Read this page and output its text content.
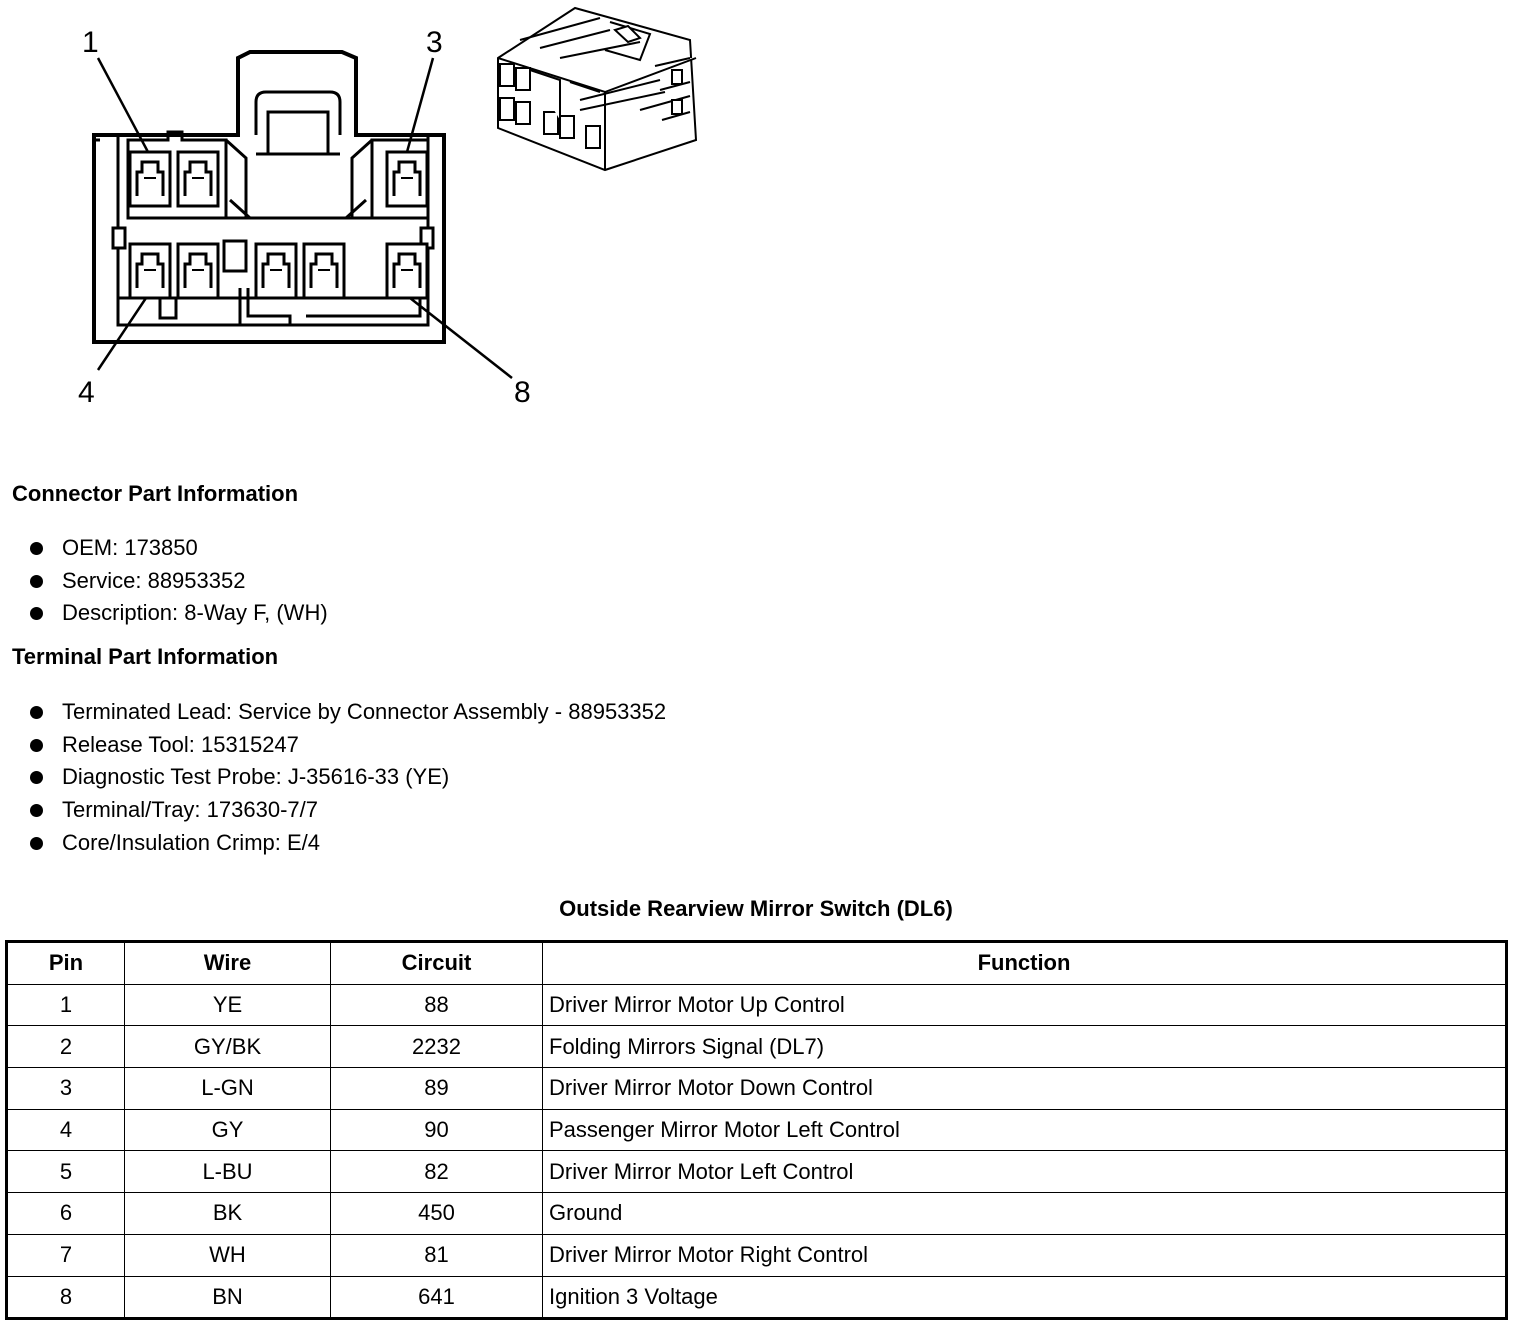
1	3
4	8
Connector Part Information
OEM: 173850
Service: 88953352
Description: 8-Way F, (WH)
Terminal Part Information
Terminated Lead: Service by Connector Assembly - 88953352
Release Tool: 15315247
Diagnostic Test Probe: J-35616-33 (YE)
Terminal/Tray: 173630-7/7
Core/Insulation Crimp: E/4
Outside Rearview Mirror Switch (DL6)
Pin	Wire	Circuit	Function
1	YE	88	Driver Mirror Motor Up Control
2	GY/BK	2232	Folding Mirrors Signal (DL7)
3	L-GN	89	Driver Mirror Motor Down Control
4	GY	90	Passenger Mirror Motor Left Control
5	L-BU	82	Driver Mirror Motor Left Control
6	BK	450	Ground
7	WH	81	Driver Mirror Motor Right Control
8	BN	641	Ignition 3 Voltage
